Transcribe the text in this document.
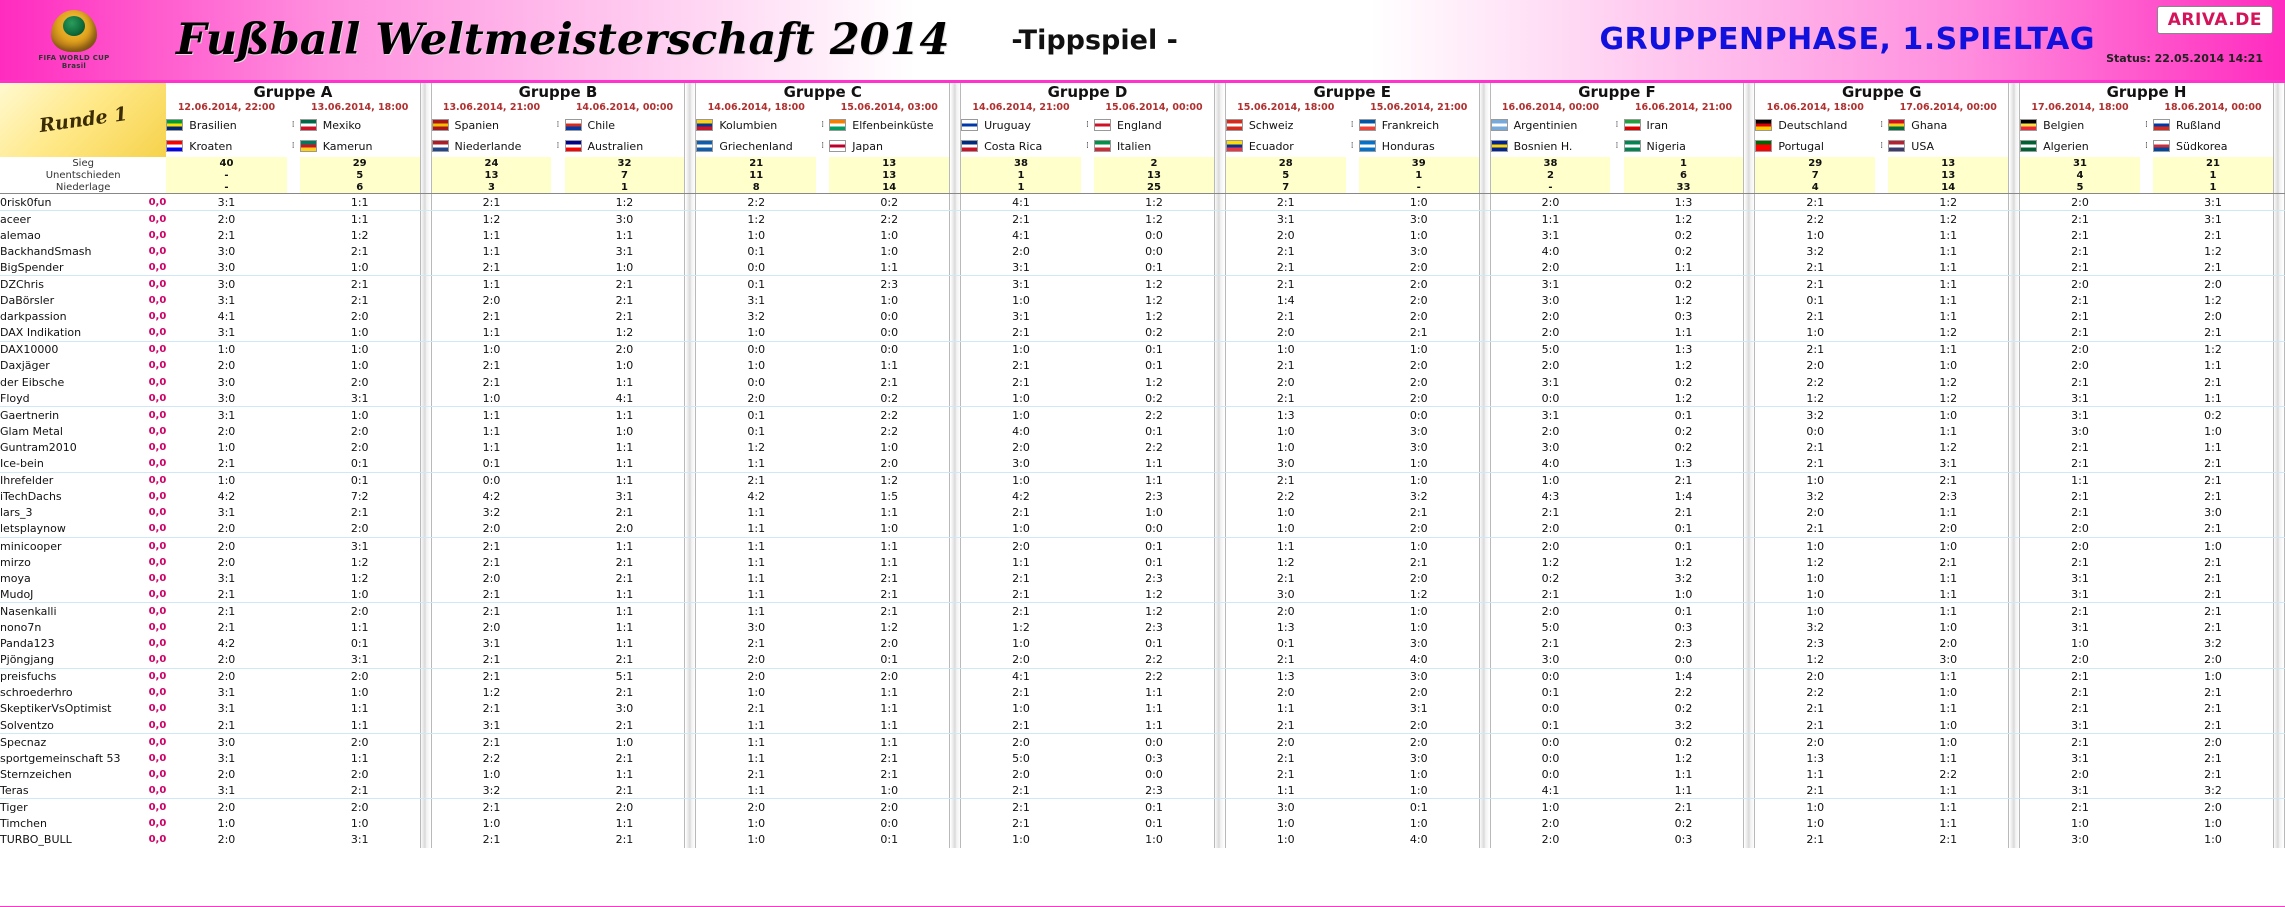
FIFA WORLD CUP Brasil
Fußball Weltmeisterschaft 2014 -Tippspiel -	GRUPPENPHASE, 1.SPIELTAG
ARIVA.DE
Status: 22.05.2014 14:21
Runde 1		Gruppe A				Gruppe B				Gruppe C				Gruppe D				Gruppe E				Gruppe F				Gruppe G				Gruppe H			
		12.06.2014, 22:00		13.06.2014, 18:00		13.06.2014, 21:00		14.06.2014, 00:00		14.06.2014, 18:00		15.06.2014, 03:00		14.06.2014, 21:00		15.06.2014, 00:00		15.06.2014, 18:00		15.06.2014, 21:00		16.06.2014, 00:00		16.06.2014, 21:00		16.06.2014, 18:00		17.06.2014, 00:00		17.06.2014, 18:00		18.06.2014, 00:00	

		Brasilien	⁞	Mexiko		Spanien	⁞	Chile		Kolumbien	⁞	Elfenbeinküste		Uruguay	⁞	England		Schweiz	⁞	Frankreich		Argentinien	⁞	Iran		Deutschland	⁞	Ghana		Belgien	⁞	Rußland	

		Kroaten	⁞	Kamerun		Niederlande	⁞	Australien		Griechenland	⁞	Japan		Costa Rica	⁞	Italien		Ecuador	⁞	Honduras		Bosnien H.	⁞	Nigeria		Portugal	⁞	USA		Algerien	⁞	Südkorea	

Sieg		40		29		24		32		21		13		38		2		28		39		38		1		29		13		31		21	
Unentschieden		-		5		13		7		11		13		1		13		5		1		2		6		7		13		4		1	
Niederlage		-		6		3		1		8		14		1		25		7		-		-		33		4		14		5		1	
0risk0fun	0,0	3:1		1:1		2:1		1:2		2:2		0:2		4:1		1:2		2:1		1:0		2:0		1:3		2:1		1:2		2:0		3:1	
aceer	0,0	2:0		1:1		1:2		3:0		1:2		2:2		2:1		1:2		3:1		3:0		1:1		1:2		2:2		1:2		2:1		3:1	
alemao	0,0	2:1		1:2		1:1		1:1		1:0		1:0		4:1		0:0		2:0		1:0		3:1		0:2		1:0		1:1		2:1		2:1	
BackhandSmash	0,0	3:0		2:1		1:1		3:1		0:1		1:0		2:0		0:0		2:1		3:0		4:0		0:2		3:2		1:1		2:1		1:2	
BigSpender	0,0	3:0		1:0		2:1		1:0		0:0		1:1		3:1		0:1		2:1		2:0		2:0		1:1		2:1		1:1		2:1		2:1	
DZChris	0,0	3:0		2:1		1:1		2:1		0:1		2:3		3:1		1:2		2:1		2:0		3:1		0:2		2:1		1:1		2:0		2:0	
DaBörsler	0,0	3:1		2:1		2:0		2:1		3:1		1:0		1:0		1:2		1:4		2:0		3:0		1:2		0:1		1:1		2:1		1:2	
darkpassion	0,0	4:1		2:0		2:1		2:1		3:2		0:0		3:1		1:2		2:1		2:0		2:0		0:3		2:1		1:1		2:1		2:0	
DAX Indikation	0,0	3:1		1:0		1:1		1:2		1:0		0:0		2:1		0:2		2:0		2:1		2:0		1:1		1:0		1:2		2:1		2:1	
DAX10000	0,0	1:0		1:0		1:0		2:0		0:0		0:0		1:0		0:1		1:0		1:0		5:0		1:3		2:1		1:1		2:0		1:2	
Daxjäger	0,0	2:0		1:0		2:1		1:0		1:0		1:1		2:1		0:1		2:1		2:0		2:0		1:2		2:0		1:0		2:0		1:1	
der Eibsche	0,0	3:0		2:0		2:1		1:1		0:0		2:1		2:1		1:2		2:0		2:0		3:1		0:2		2:2		1:2		2:1		2:1	
Floyd	0,0	3:0		3:1		1:0		4:1		2:0		0:2		1:0		0:2		2:1		2:0		0:0		1:2		1:2		1:2		3:1		1:1	
Gaertnerin	0,0	3:1		1:0		1:1		1:1		0:1		2:2		1:0		2:2		1:3		0:0		3:1		0:1		3:2		1:0		3:1		0:2	
Glam Metal	0,0	2:0		2:0		1:1		1:0		0:1		2:2		4:0		0:1		1:0		3:0		2:0		0:2		0:0		1:1		3:0		1:0	
Guntram2010	0,0	1:0		2:0		1:1		1:1		1:2		1:0		2:0		2:2		1:0		3:0		3:0		0:2		2:1		1:2		2:1		1:1	
Ice-bein	0,0	2:1		0:1		0:1		1:1		1:1		2:0		3:0		1:1		3:0		1:0		4:0		1:3		2:1		3:1		2:1		2:1	
Ihrefelder	0,0	1:0		0:1		0:0		1:1		2:1		1:2		1:0		1:1		2:1		1:0		1:0		2:1		1:0		2:1		1:1		2:1	
iTechDachs	0,0	4:2		7:2		4:2		3:1		4:2		1:5		4:2		2:3		2:2		3:2		4:3		1:4		3:2		2:3		2:1		2:1	
lars_3	0,0	3:1		2:1		3:2		2:1		1:1		1:1		2:1		1:0		1:0		2:1		2:1		2:1		2:0		1:1		2:1		3:0	
letsplaynow	0,0	2:0		2:0		2:0		2:0		1:1		1:0		1:0		0:0		1:0		2:0		2:0		0:1		2:1		2:0		2:0		2:1	
minicooper	0,0	2:0		3:1		2:1		1:1		1:1		1:1		2:0		0:1		1:1		1:0		2:0		0:1		1:0		1:0		2:0		1:0	
mirzo	0,0	2:0		1:2		2:1		2:1		1:1		1:1		1:1		0:1		1:2		2:1		1:2		1:2		1:2		2:1		2:1		2:1	
moya	0,0	3:1		1:2		2:0		2:1		1:1		2:1		2:1		2:3		2:1		2:0		0:2		3:2		1:0		1:1		3:1		2:1	
MudoJ	0,0	2:1		1:0		2:1		1:1		1:1		2:1		2:1		1:2		3:0		1:2		2:1		1:0		1:0		1:1		3:1		2:1	
Nasenkalli	0,0	2:1		2:0		2:1		1:1		1:1		2:1		2:1		1:2		2:0		1:0		2:0		0:1		1:0		1:1		2:1		2:1	
nono7n	0,0	2:1		1:1		2:0		1:1		3:0		1:2		1:2		2:3		1:3		1:0		5:0		0:3		3:2		1:0		3:1		2:1	
Panda123	0,0	4:2		0:1		3:1		1:1		2:1		2:0		1:0		0:1		0:1		3:0		2:1		2:3		2:3		2:0		1:0		3:2	
Pjöngjang	0,0	2:0		3:1		2:1		2:1		2:0		0:1		2:0		2:2		2:1		4:0		3:0		0:0		1:2		3:0		2:0		2:0	
preisfuchs	0,0	2:0		2:0		2:1		5:1		2:0		2:0		4:1		2:2		1:3		3:0		0:0		1:4		2:0		1:1		2:1		1:0	
schroederhro	0,0	3:1		1:0		1:2		2:1		1:0		1:1		2:1		1:1		2:0		2:0		0:1		2:2		2:2		1:0		2:1		2:1	
SkeptikerVsOptimist	0,0	3:1		1:1		2:1		3:0		2:1		1:1		1:0		1:1		1:1		3:1		0:0		0:2		2:1		1:1		2:1		2:1	
Solventzo	0,0	2:1		1:1		3:1		2:1		1:1		1:1		2:1		1:1		2:1		2:0		0:1		3:2		2:1		1:0		3:1		2:1	
Specnaz	0,0	3:0		2:0		2:1		1:0		1:1		1:1		2:0		0:0		2:0		2:0		0:0		0:2		2:0		1:0		2:1		2:0	
sportgemeinschaft 53	0,0	3:1		1:1		2:2		2:1		1:1		2:1		5:0		0:3		2:1		3:0		0:0		1:2		1:3		1:1		3:1		2:1	
Sternzeichen	0,0	2:0		2:0		1:0		1:1		2:1		2:1		2:0		0:0		2:1		1:0		0:0		1:1		1:1		2:2		2:0		2:1	
Teras	0,0	3:1		2:1		3:2		2:1		1:1		1:0		2:1		2:3		1:1		1:0		4:1		1:1		2:1		1:1		3:1		3:2	
Tiger	0,0	2:0		2:0		2:1		2:0		2:0		2:0		2:1		0:1		3:0		0:1		1:0		2:1		1:0		1:1		2:1		2:0	
Timchen	0,0	1:0		1:0		1:0		1:1		1:0		0:0		2:1		0:1		1:0		1:0		2:0		0:2		1:0		1:1		1:0		1:0	
TURBO_BULL	0,0	2:0		3:1		2:1		2:1		1:0		0:1		1:0		1:0		1:0		4:0		2:0		0:3		2:1		2:1		3:0		1:0	
